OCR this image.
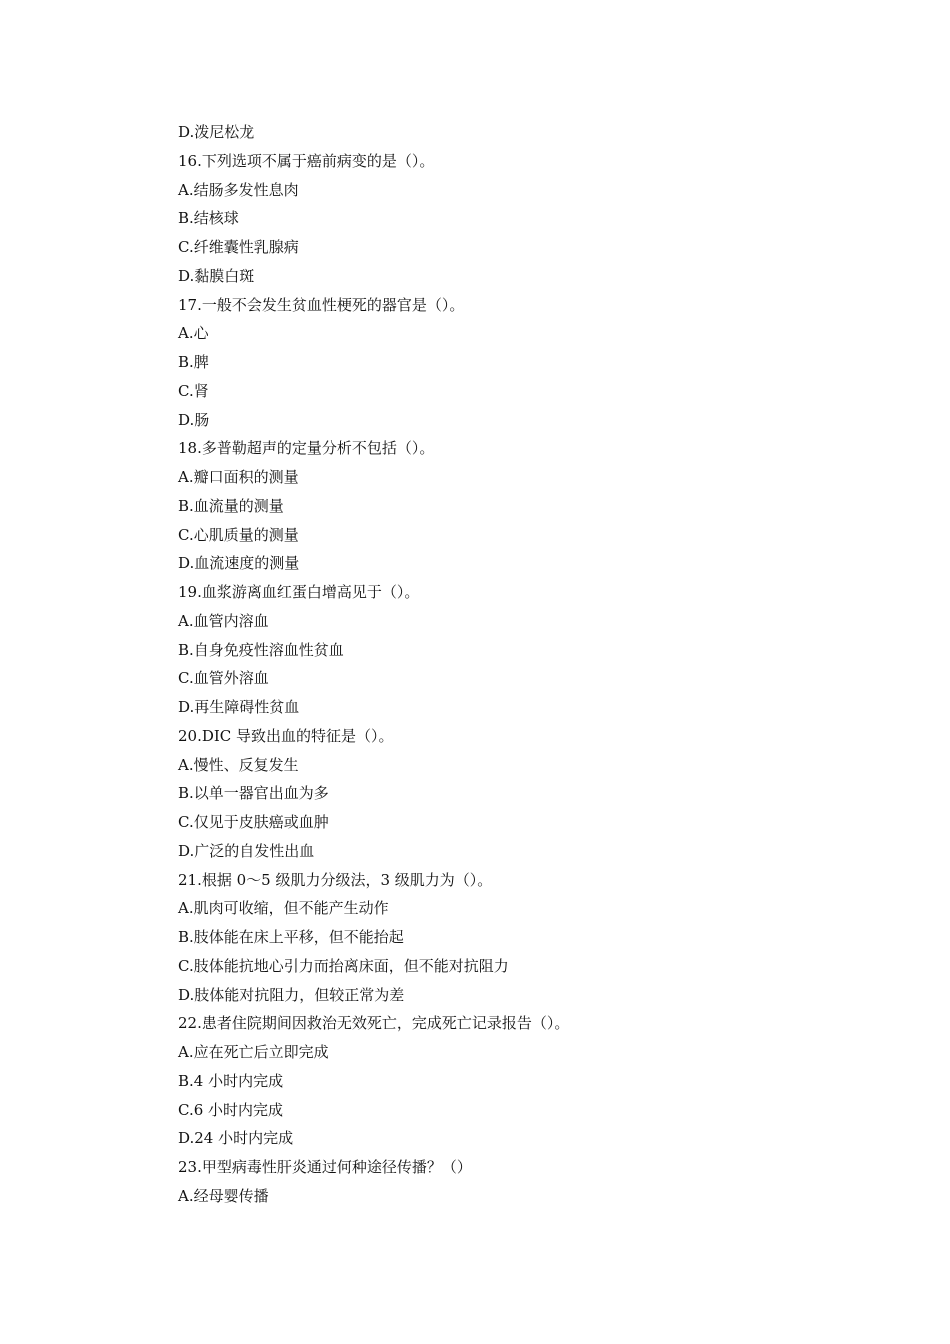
D.泼尼松龙
16.下列选项不属于癌前病变的是（）。
A.结肠多发性息肉
B.结核球
C.纤维囊性乳腺病
D.黏膜白斑
17.一般不会发生贫血性梗死的器官是（）。
A.心
B.脾
C.肾
D.肠
18.多普勒超声的定量分析不包括（）。
A.瓣口面积的测量
B.血流量的测量
C.心肌质量的测量
D.血流速度的测量
19.血浆游离血红蛋白增高见于（）。
A.血管内溶血
B.自身免疫性溶血性贫血
C.血管外溶血
D.再生障碍性贫血
20.DIC 导致出血的特征是（）。
A.慢性、反复发生
B.以单一器官出血为多
C.仅见于皮肤癌或血肿
D.广泛的自发性出血
21.根据 0～5 级肌力分级法，3 级肌力为（）。
A.肌肉可收缩，但不能产生动作
B.肢体能在床上平移，但不能抬起
C.肢体能抗地心引力而抬离床面，但不能对抗阻力
D.肢体能对抗阻力，但较正常为差
22.患者住院期间因救治无效死亡，完成死亡记录报告（）。
A.应在死亡后立即完成
B.4 小时内完成
C.6 小时内完成
D.24 小时内完成
23.甲型病毒性肝炎通过何种途径传播？（）
A.经母婴传播
